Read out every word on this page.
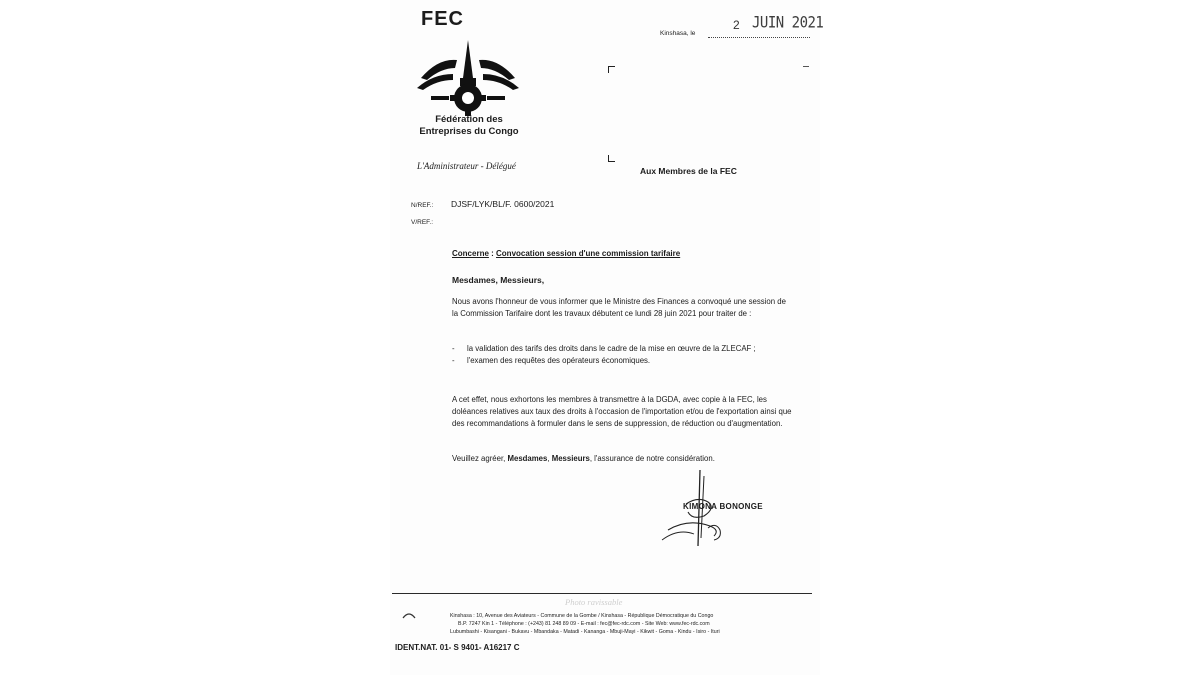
FEC
Fédération des
Entreprises du Congo
Kinshasa, le
2 JUIN 2021
L'Administrateur - Délégué	Aux Membres de la FEC
N/REF.: DJSF/LYK/BL/F. 0600/2021
V/REF.:
Concerne : Convocation session d'une commission tarifaire
Mesdames, Messieurs,
Nous avons l'honneur de vous informer que le Ministre des Finances a convoqué une session de la Commission Tarifaire dont les travaux débutent ce lundi 28 juin 2021 pour traiter de :
- la validation des tarifs des droits dans le cadre de la mise en œuvre de la ZLECAF ;
- l'examen des requêtes des opérateurs économiques.
A cet effet, nous exhortons les membres à transmettre à la DGDA, avec copie à la FEC, les doléances relatives aux taux des droits à l'occasion de l'importation et/ou de l'exportation ainsi que des recommandations à formuler dans le sens de suppression, de réduction ou d'augmentation.
Veuillez agréer, Mesdames, Messieurs, l'assurance de notre considération.
KIMONA BONONGE
Photo ravissable
Kinshasa : 10, Avenue des Aviateurs - Commune de la Gombe / Kinshasa - République Démocratique du Congo
B.P. 7247 Kin 1 - Téléphone : (+243) 81 248 89 09 - E-mail : fec@fec-rdc.com - Site Web: www.fec-rdc.com
Lubumbashi - Kisangani - Bukavu - Mbandaka - Matadi - Kananga - Mbuji-Mayi - Kikwit - Goma - Kindu - Isiro - Ituri
IDENT.NAT. 01- S 9401- A16217 C
